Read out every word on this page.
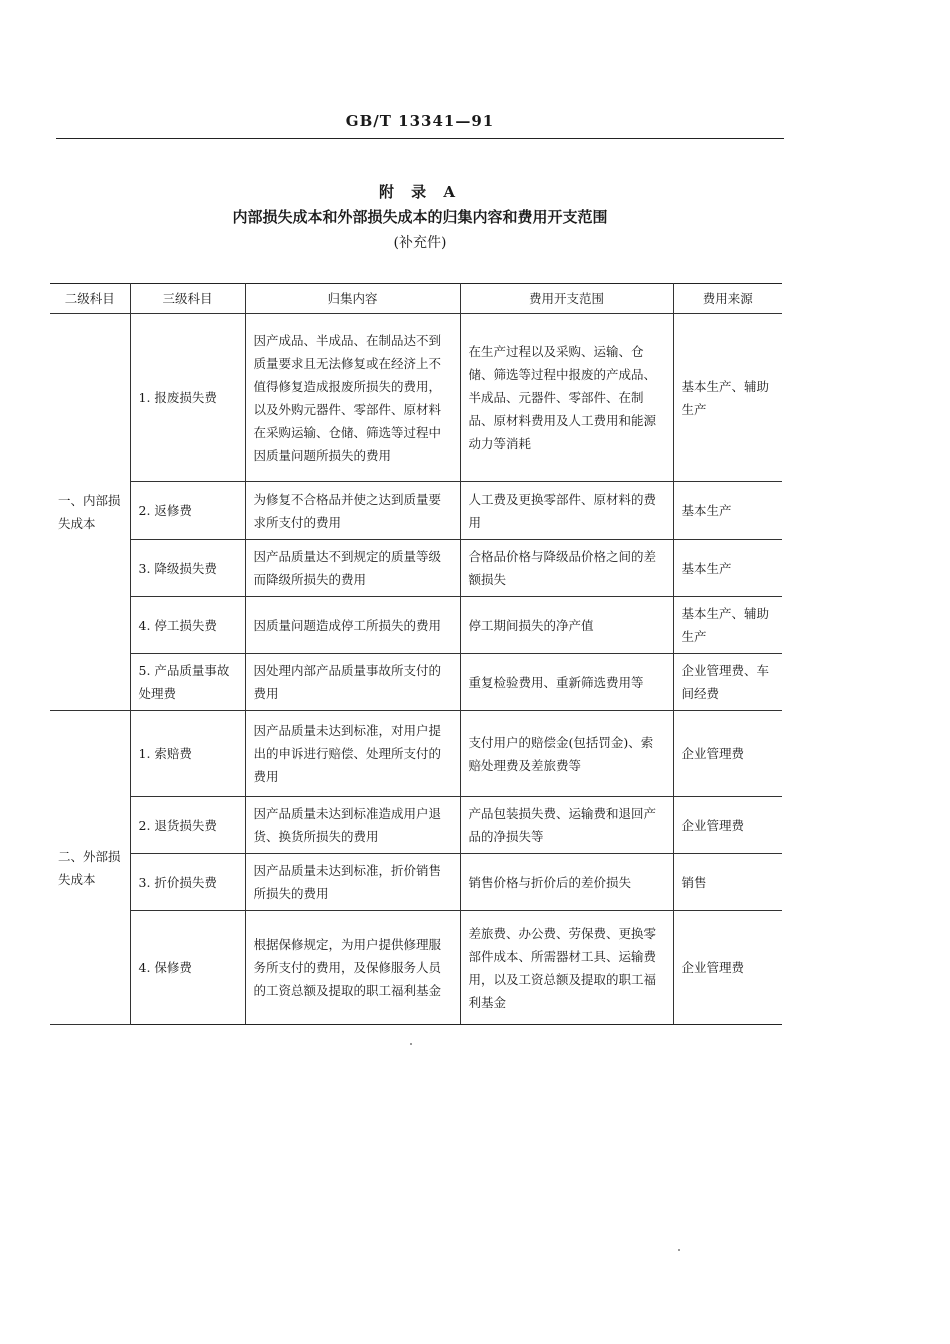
GB/T 13341—91
附 录 A
内部损失成本和外部损失成本的归集内容和费用开支范围
(补充件)
二级科目	三级科目	归集内容	费用开支范围	费用来源
一、内部损失成本	1. 报废损失费	因产成品、半成品、在制品达不到质量要求且无法修复或在经济上不值得修复造成报废所损失的费用，以及外购元器件、零部件、原材料在采购运输、仓储、筛选等过程中因质量问题所损失的费用	在生产过程以及采购、运输、仓储、筛选等过程中报废的产成品、半成品、元器件、零部件、在制品、原材料费用及人工费用和能源动力等消耗	基本生产、辅助生产
	2. 返修费	为修复不合格品并使之达到质量要求所支付的费用	人工费及更换零部件、原材料的费用	基本生产
	3. 降级损失费	因产品质量达不到规定的质量等级而降级所损失的费用	合格品价格与降级品价格之间的差额损失	基本生产
	4. 停工损失费	因质量问题造成停工所损失的费用	停工期间损失的净产值	基本生产、辅助生产
	5. 产品质量事故处理费	因处理内部产品质量事故所支付的费用	重复检验费用、重新筛选费用等	企业管理费、车间经费
二、外部损失成本	1. 索赔费	因产品质量未达到标准，对用户提出的申诉进行赔偿、处理所支付的费用	支付用户的赔偿金(包括罚金)、索赔处理费及差旅费等	企业管理费
	2. 退货损失费	因产品质量未达到标准造成用户退货、换货所损失的费用	产品包装损失费、运输费和退回产品的净损失等	企业管理费
	3. 折价损失费	因产品质量未达到标准，折价销售所损失的费用	销售价格与折价后的差价损失	销售
	4. 保修费	根据保修规定，为用户提供修理服务所支付的费用，及保修服务人员的工资总额及提取的职工福利基金	差旅费、办公费、劳保费、更换零部件成本、所需器材工具、运输费用，以及工资总额及提取的职工福利基金	企业管理费
